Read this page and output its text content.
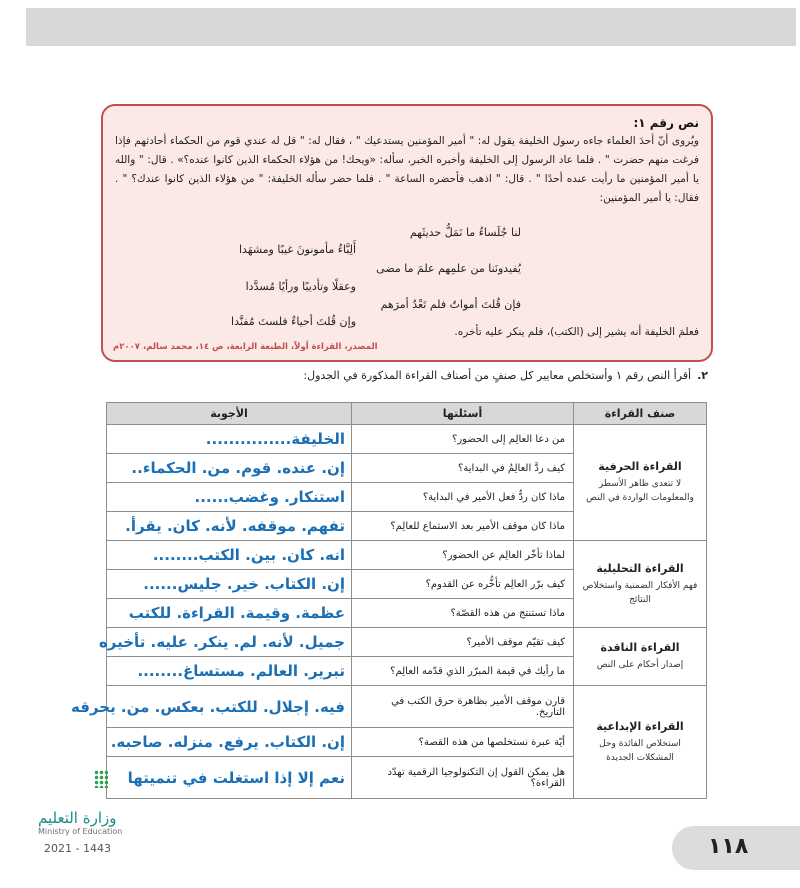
نص رقم ١:

ويُروى أنّ أحدَ العلماء جاءه رسول الخليفة يقول له: " أمير المؤمنين يستدعيك " ، فقال له: " قل له عندي قوم من الحكماء أحادثهم فإذا فرغت منهم حضرت " . فلما عاد الرسول إلى الخليفة وأخبره الخبر، سأله: «ويحك! من هؤلاء الحكماء الذين كانوا عنده؟» . قال: " والله يا أمير المؤمنين ما رأيت عنده أحدًا " . قال: " اذهب فأحضره الساعة " . فلما حضر سأله الخليفة: " من هؤلاء الذين كانوا عندك؟ " . فقال: يا أمير المؤمنين:

لنا جُلَساءُ ما نَمَلُّ حديثَهم
أَلِبَّاءُ مأمونونَ غيبًا ومشهَدا
يُفيدونَنا من علمِهم علمَ ما مضى
وعقلًا وتأديبًا ورأيًا مُسدَّدا
فإن قُلتَ أمواتٌ فلم تَعْدُ أمرَهم
وإن قُلتَ أحياءٌ فلستَ مُفنَّدا
فعلمَ الخليفة أنه يشير إلى (الكتب)، فلم ينكر عليه تأخره.
المصدر، القراءة أولاً، الطبعة الرابعة، ص ١٤، محمد سالم، ٢٠٠٧م
٢.أقرأ النص رقم ١ وأستخلص معايير كل صنفٍ من أصناف القراءة المذكورة في الجدول:
صنف القراءة	أسئلتها	الأجوبة

القراءة الحرفية
لا تتعدى ظاهر الأسطر والمعلومات الواردة في النص	من دعا العالِم إلى الحضور؟	الخليفة...............
	كيف ردَّ العالِمُ في البداية؟	إن. عنده. قوم. من. الحكماء..
	ماذا كان ردُّ فعل الأمير في البداية؟	استنكار. وغضب......
	ماذا كان موقف الأمير بعد الاستماع للعالِم؟	تفهم. موقفه. لأنه. كان. يقرأ.

القراءة التحليلية
فهم الأفكار الضمنية واستخلاص النتائج	لماذا تأخّر العالِم عن الحضور؟	انه. كان. بين. الكتب........
	كيف برّر العالِم تأخُّره عن القدوم؟	إن. الكتاب. خير. جليس......
	ماذا تستنتج من هذه القصّة؟	عظمة. وقيمة. القراءة. للكتب

القراءة الناقدة
إصدار أحكام على النص	كيف تقيّم موقف الأمير؟	جميل. لأنه. لم. ينكر. عليه. تأخيره
	ما رأيك في قيمة المبرّر الذي قدّمه العالِم؟	تبرير. العالم. مستساغ........

القراءة الإبداعية
استخلاص الفائدة وحل المشكلات الجديدة	قارن موقف الأمير بظاهرة حرق الكتب في التاريخ.	فيه. إجلال. للكتب. بعكس. من. يحرقه
	أيّة عبرة نستخلصها من هذه القصة؟	إن. الكتاب. يرفع. منزله. صاحبه.
	هل يمكن القول إن التكنولوجيا الرقمية تهدّد القراءة؟	نعم إلا إذا استغلت في تنميتها
وزارة التعليم
Ministry of Education
2021 - 1443	١١٨
